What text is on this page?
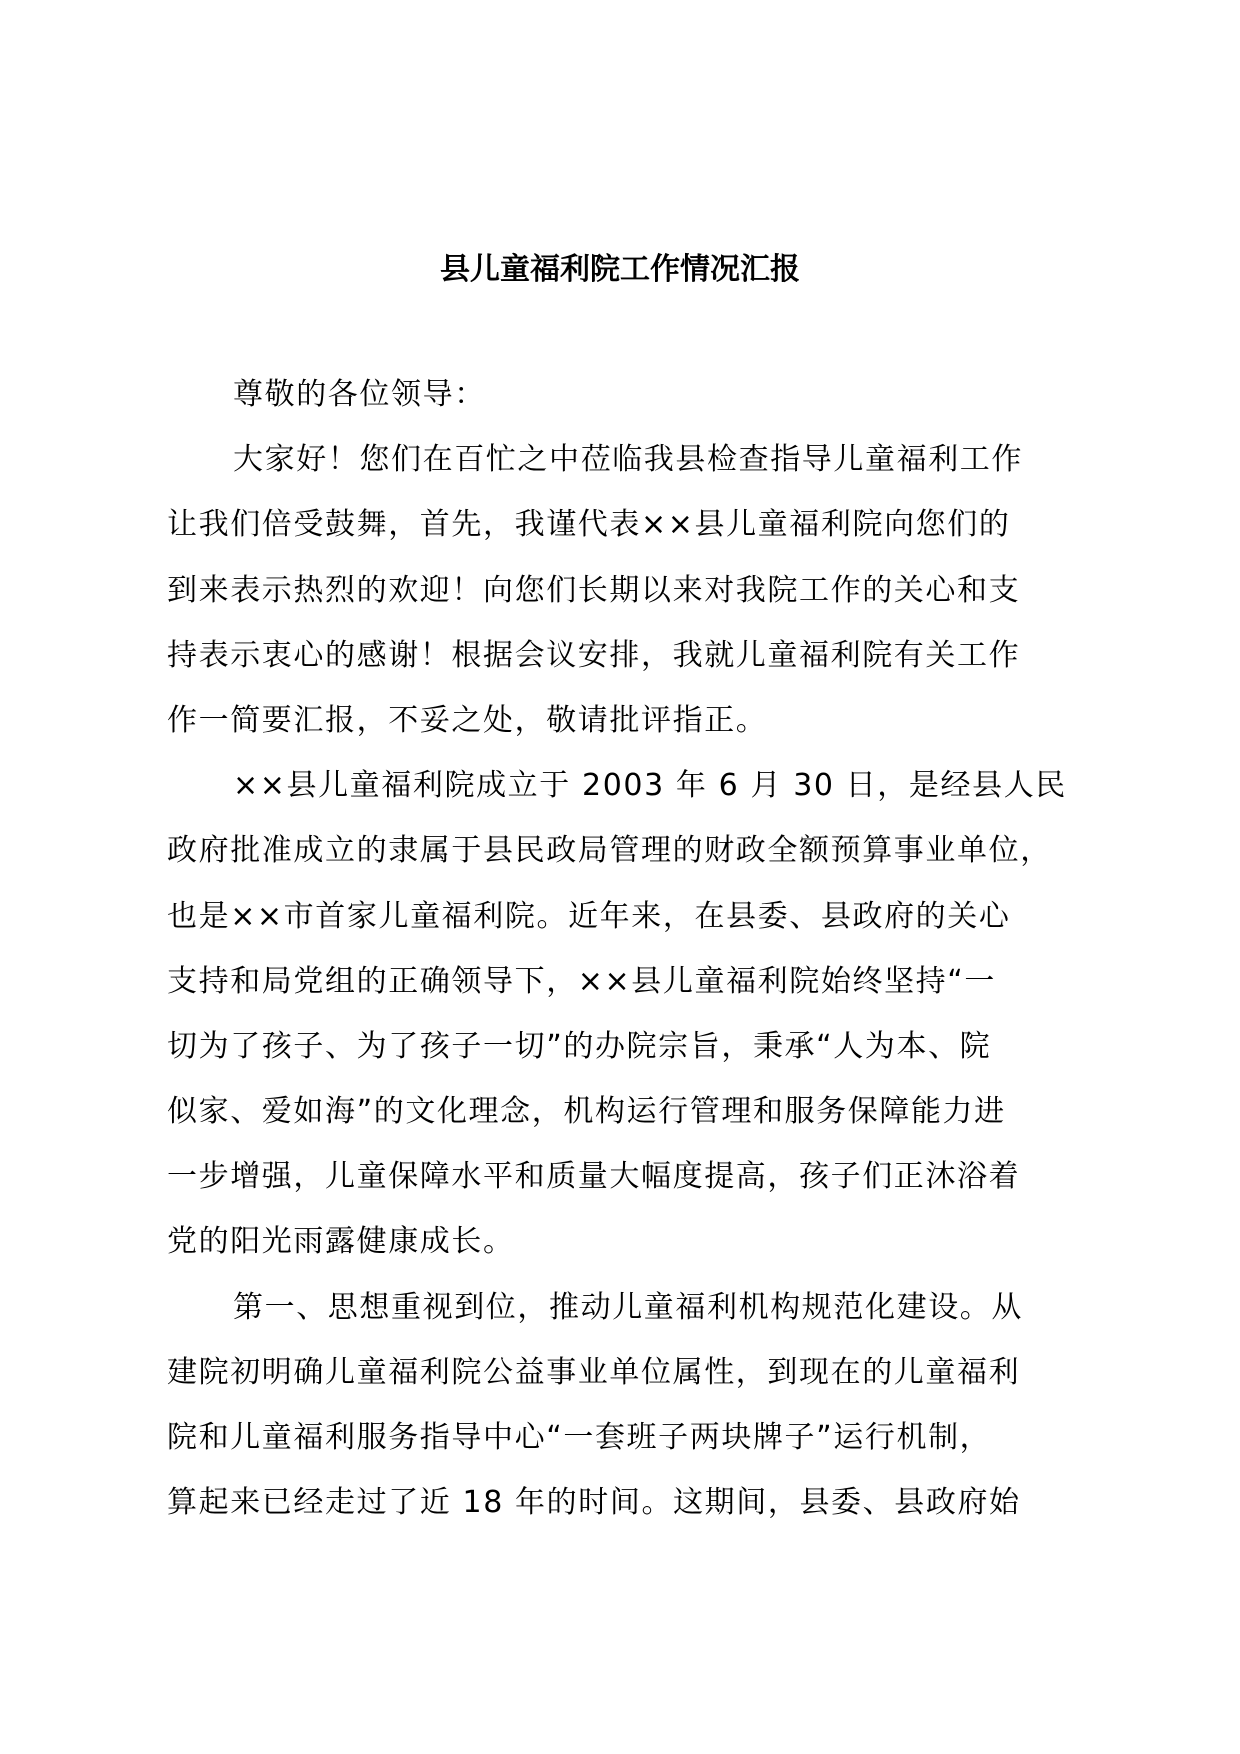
县儿童福利院工作情况汇报
尊敬的各位领导：
大家好！您们在百忙之中莅临我县检查指导儿童福利工作
让我们倍受鼓舞，首先，我谨代表××县儿童福利院向您们的
到来表示热烈的欢迎！向您们长期以来对我院工作的关心和支
持表示衷心的感谢！根据会议安排，我就儿童福利院有关工作
作一简要汇报，不妥之处，敬请批评指正。
××县儿童福利院成立于 2003 年 6 月 30 日，是经县人民
政府批准成立的隶属于县民政局管理的财政全额预算事业单位，
也是××市首家儿童福利院。近年来，在县委、县政府的关心
支持和局党组的正确领导下，××县儿童福利院始终坚持“一
切为了孩子、为了孩子一切”的办院宗旨，秉承“人为本、院
似家、爱如海”的文化理念，机构运行管理和服务保障能力进
一步增强，儿童保障水平和质量大幅度提高，孩子们正沐浴着
党的阳光雨露健康成长。
第一、思想重视到位，推动儿童福利机构规范化建设。从
建院初明确儿童福利院公益事业单位属性，到现在的儿童福利
院和儿童福利服务指导中心“一套班子两块牌子”运行机制，
算起来已经走过了近 18 年的时间。这期间，县委、县政府始
